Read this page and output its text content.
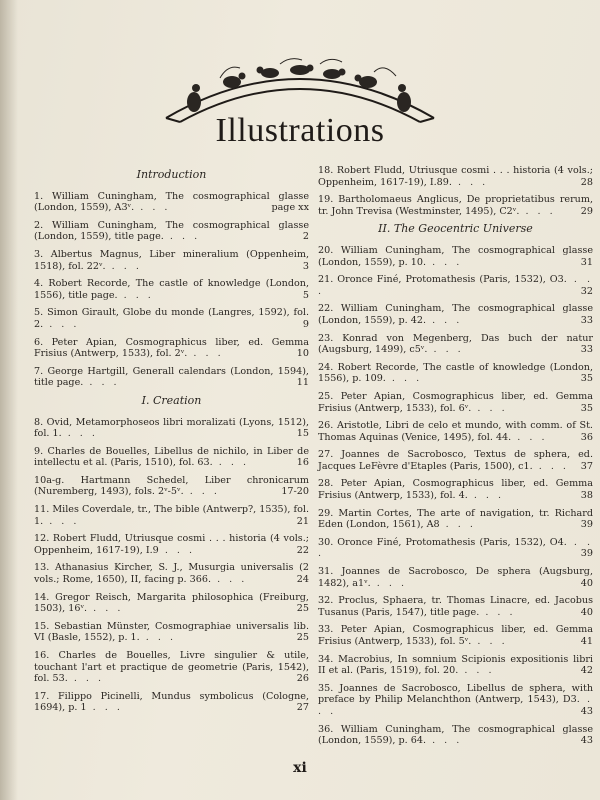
Illustrations
Introduction
1. William Cuningham, The cosmographical glasse (London, 1559), A3ᵛ. . . .	page xx
2. William Cuningham, The cosmographical glasse (London, 1559), title page. . . .	2
3. Albertus Magnus, Liber mineralium (Oppenheim, 1518), fol. 22ᵛ. . . .	3
4. Robert Recorde, The castle of knowledge (London, 1556), title page. . . .	5
5. Simon Girault, Globe du monde (Langres, 1592), fol. 2. . . .	9
6. Peter Apian, Cosmographicus liber, ed. Gemma Frisius (Antwerp, 1533), fol. 2ᵛ. . . .	10
7. George Hartgill, Generall calendars (London, 1594), title page. . . .	11
I. Creation
8. Ovid, Metamorphoseos libri moralizati (Lyons, 1512), fol. 1. . . .	15
9. Charles de Bouelles, Libellus de nichilo, in Liber de intellectu et al. (Paris, 1510), fol. 63. . . .	16
10a-g. Hartmann Schedel, Liber chronicarum (Nuremberg, 1493), fols. 2ᵛ-5ᵛ. . . .	17-20
11. Miles Coverdale, tr., The bible (Antwerp?, 1535), fol. 1. . . .	21
12. Robert Fludd, Utriusque cosmi . . . historia (4 vols.; Oppenheim, 1617-19), I.9 . . .	22
13. Athanasius Kircher, S. J., Musurgia universalis (2 vols.; Rome, 1650), II, facing p. 366. . . .	24
14. Gregor Reisch, Margarita philosophica (Freiburg, 1503), 16ᵛ. . . .	25
15. Sebastian Münster, Cosmographiae universalis lib. VI (Basle, 1552), p. 1. . . .	25
16. Charles de Bouelles, Livre singulier & utile, touchant l'art et practique de geometrie (Paris, 1542), fol. 53. . . .	26
17. Filippo Picinelli, Mundus symbolicus (Cologne, 1694), p. 1 . . .	27
18. Robert Fludd, Utriusque cosmi . . . historia (4 vols.; Oppenheim, 1617-19), I.89. . . .	28
19. Bartholomaeus Anglicus, De proprietatibus rerum, tr. John Trevisa (Westminster, 1495), C2ᵛ. . . .	29
II. The Geocentric Universe
20. William Cuningham, The cosmographical glasse (London, 1559), p. 10. . . .	31
21. Oronce Finé, Protomathesis (Paris, 1532), O3. . . .	32
22. William Cuningham, The cosmographical glasse (London, 1559), p. 42. . . .	33
23. Konrad von Megenberg, Das buch der natur (Augsburg, 1499), c5ᵛ. . . .	33
24. Robert Recorde, The castle of knowledge (London, 1556), p. 109. . . .	35
25. Peter Apian, Cosmographicus liber, ed. Gemma Frisius (Antwerp, 1533), fol. 6ᵛ. . . .	35
26. Aristotle, Libri de celo et mundo, with comm. of St. Thomas Aquinas (Venice, 1495), fol. 44. . . .	36
27. Joannes de Sacrobosco, Textus de sphera, ed. Jacques LeFèvre d'Etaples (Paris, 1500), c1. . . . 37
28. Peter Apian, Cosmographicus liber, ed. Gemma Frisius (Antwerp, 1533), fol. 4. . . .	38
29. Martin Cortes, The arte of navigation, tr. Richard Eden (London, 1561), A8 . . .	39
30. Oronce Finé, Protomathesis (Paris, 1532), O4. . . .	39
31. Joannes de Sacrobosco, De sphera (Augsburg, 1482), a1ᵛ. . . .	40
32. Proclus, Sphaera, tr. Thomas Linacre, ed. Jacobus Tusanus (Paris, 1547), title page. . . .	40
33. Peter Apian, Cosmographicus liber, ed. Gemma Frisius (Antwerp, 1533), fol. 5ᵛ. . . .	41
34. Macrobius, In somnium Scipionis expositionis libri II et al. (Paris, 1519), fol. 20. . . .	42
35. Joannes de Sacrobosco, Libellus de sphera, with preface by Philip Melanchthon (Antwerp, 1543), D3. . . .	43
36. William Cuningham, The cosmographical glasse (London, 1559), p. 64. . . .	43
xi
